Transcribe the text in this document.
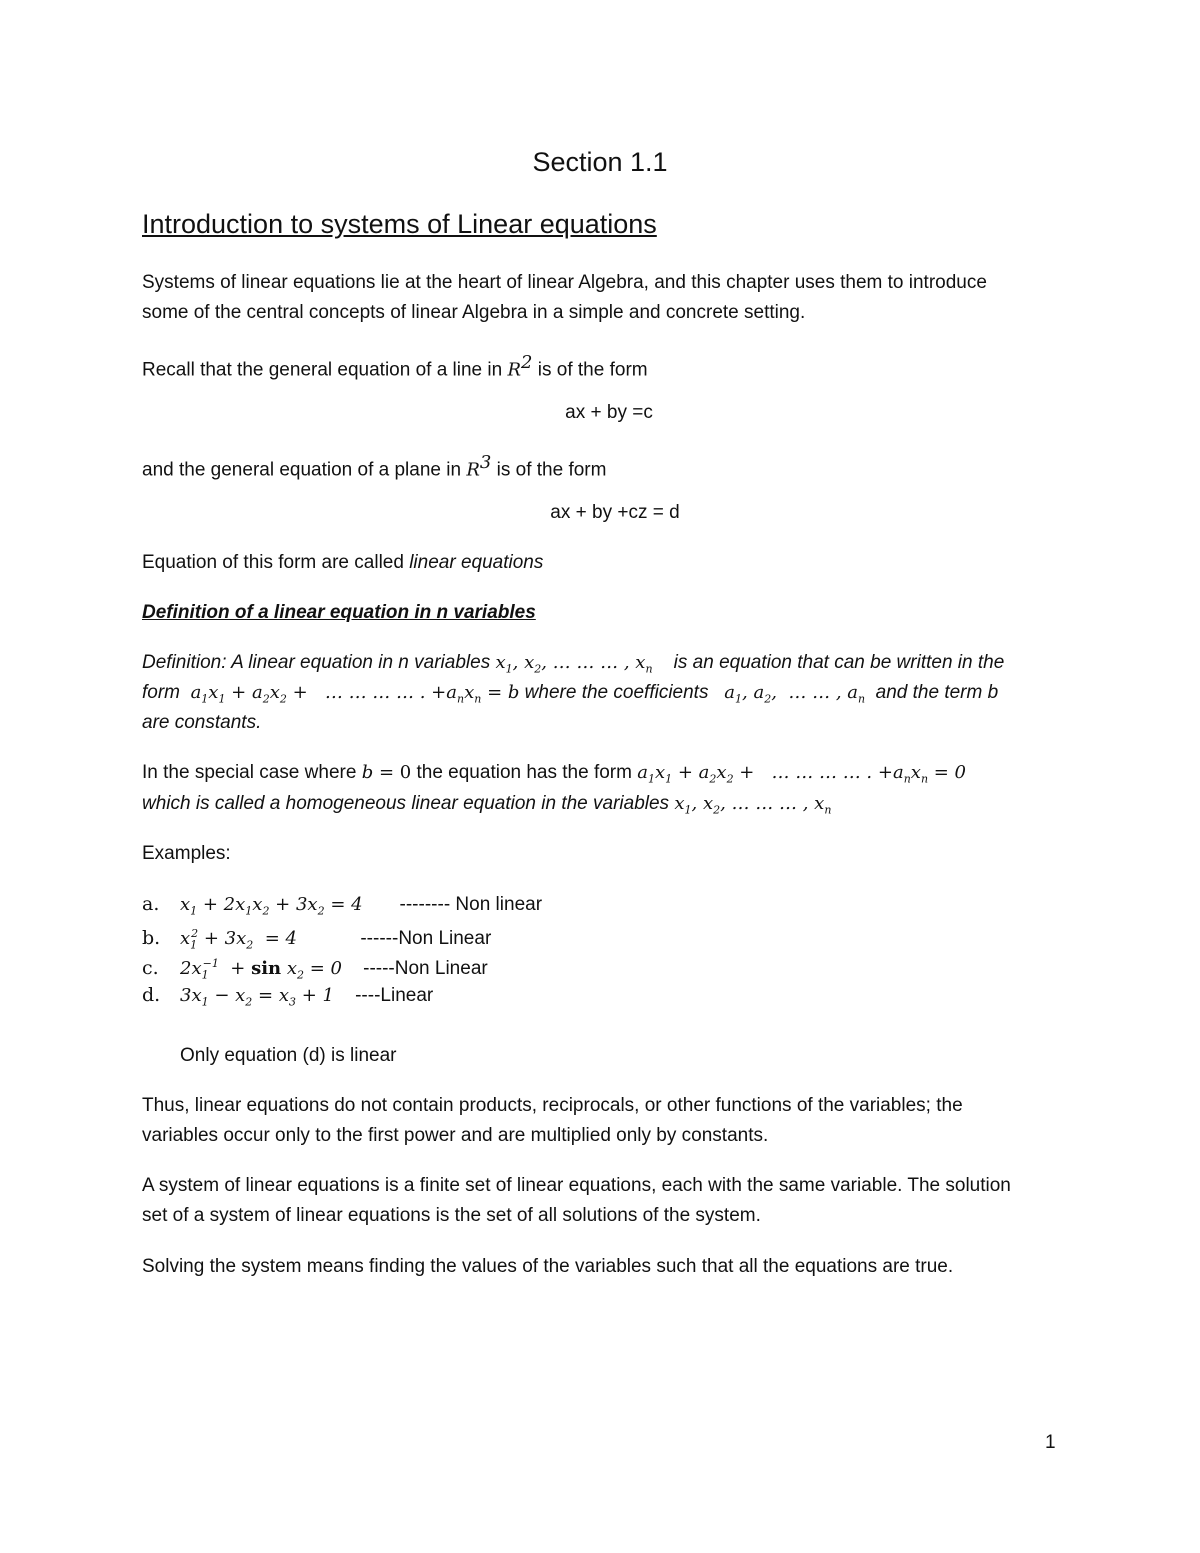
Section 1.1
Introduction to systems of Linear equations
Systems of linear equations lie at the heart of linear Algebra, and this chapter uses them to introduce
some of the central concepts of linear Algebra in a simple and concrete setting.
Recall that the general equation of a line in $R^2$ is of the form
ax + by =c
and the general equation of a plane in $R^3$ is of the form
ax + by +cz = d
Equation of this form are called linear equations
Definition of a linear equation in n variables
Definition: A linear equation in n variables $x_1$, $x_2$, … … … , $x_n$ is an equation that can be written in the
form  $a_1x_1 + a_2x_2$ +   … … … … . $+a_nx_n = b$ where the coefficients   $a_1$, $a_2$,  … … , $a_n$  and the term b
are constants.
In the special case where b = 0 the equation has the form $a_1x_1 + a_2x_2$ +   … … … … . $+a_nx_n = 0$
which is called a homogeneous linear equation in the variables $x_1$, $x_2$, … … … , $x_n$
Examples:
a. $x_1 + 2x_1x_2 + 3x_2 = 4$ -------- Non linear
b. $x_1^2 + 3x_2 = 4$	------Non Linear
c. $2x_1^{-1} + \sin x_2 = 0$ -----Non Linear
d. $3x_1 - x_2 = x_3 + 1$ ----Linear
Only equation (d) is linear
Thus, linear equations do not contain products, reciprocals, or other functions of the variables; the
variables occur only to the first power and are multiplied only by constants.
A system of linear equations is a finite set of linear equations, each with the same variable. The solution
set of a system of linear equations is the set of all solutions of the system.
Solving the system means finding the values of the variables such that all the equations are true.
1
